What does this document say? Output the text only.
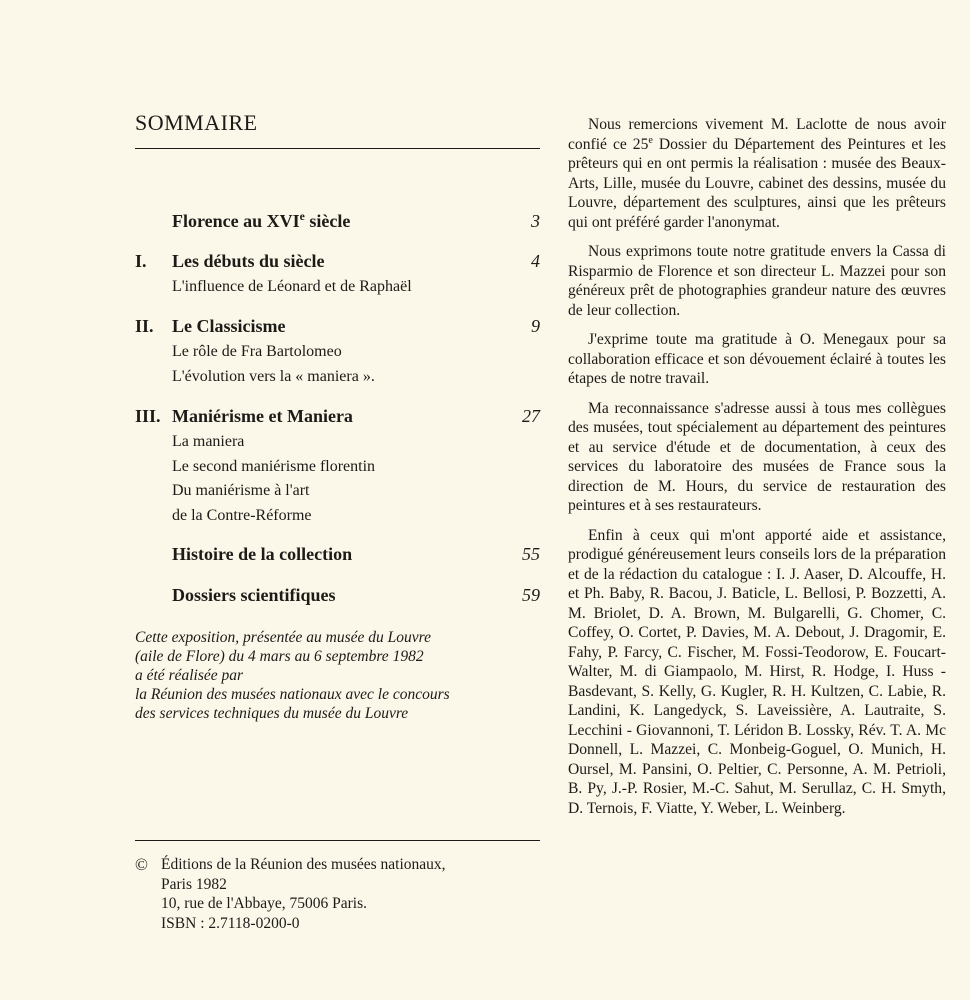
SOMMAIRE
Florence au XVIe siècle	3
I. Les débuts du siècle	4
L'influence de Léonard et de Raphaël
II. Le Classicisme	9
Le rôle de Fra Bartolomeo
L'évolution vers la « maniera ».
III. Maniérisme et Maniera	27
La maniera
Le second maniérisme florentin
Du maniérisme à l'art
de la Contre-Réforme
Histoire de la collection	55
Dossiers scientifiques	59
Cette exposition, présentée au musée du Louvre
(aile de Flore) du 4 mars au 6 septembre 1982
a été réalisée par
la Réunion des musées nationaux avec le concours
des services techniques du musée du Louvre
© Éditions de la Réunion des musées nationaux,
Paris 1982
10, rue de l'Abbaye, 75006 Paris.
ISBN : 2.7118-0200-0

Nous remercions vivement M. Laclotte de nous avoir confié ce 25e Dossier du Département des Peintures et les prêteurs qui en ont permis la réalisation : musée des Beaux-Arts, Lille, musée du Louvre, cabinet des dessins, musée du Louvre, département des sculptures, ainsi que les prêteurs qui ont préféré garder l'anonymat.

Nous exprimons toute notre gratitude envers la Cassa di Risparmio de Florence et son directeur L. Mazzei pour son généreux prêt de photographies grandeur nature des œuvres de leur collection.

J'exprime toute ma gratitude à O. Menegaux pour sa collaboration efficace et son dévouement éclairé à toutes les étapes de notre travail.

Ma reconnaissance s'adresse aussi à tous mes collègues des musées, tout spécialement au département des peintures et au service d'étude et de documentation, à ceux des services du laboratoire des musées de France sous la direction de M. Hours, du service de restauration des peintures et à ses restaurateurs.

Enfin à ceux qui m'ont apporté aide et assistance, prodigué généreusement leurs conseils lors de la préparation et de la rédaction du catalogue : I. J. Aaser, D. Alcouffe, H. et Ph. Baby, R. Bacou, J. Baticle, L. Bellosi, P. Bozzetti, A. M. Briolet, D. A. Brown, M. Bulgarelli, G. Chomer, C. Coffey, O. Cortet, P. Davies, M. A. Debout, J. Dragomir, E. Fahy, P. Farcy, C. Fischer, M. Fossi-Teodorow, E. Foucart-Walter, M. di Giampaolo, M. Hirst, R. Hodge, I. Huss - Basdevant, S. Kelly, G. Kugler, R. H. Kultzen, C. Labie, R. Landini, K. Langedyck, S. Laveissière, A. Lautraite, S. Lecchini - Giovannoni, T. Léridon B. Lossky, Rév. T. A. Mc Donnell, L. Mazzei, C. Monbeig-Goguel, O. Munich, H. Oursel, M. Pansini, O. Peltier, C. Personne, A. M. Petrioli, B. Py, J.-P. Rosier, M.-C. Sahut, M. Serullaz, C. H. Smyth, D. Ternois, F. Viatte, Y. Weber, L. Weinberg.
